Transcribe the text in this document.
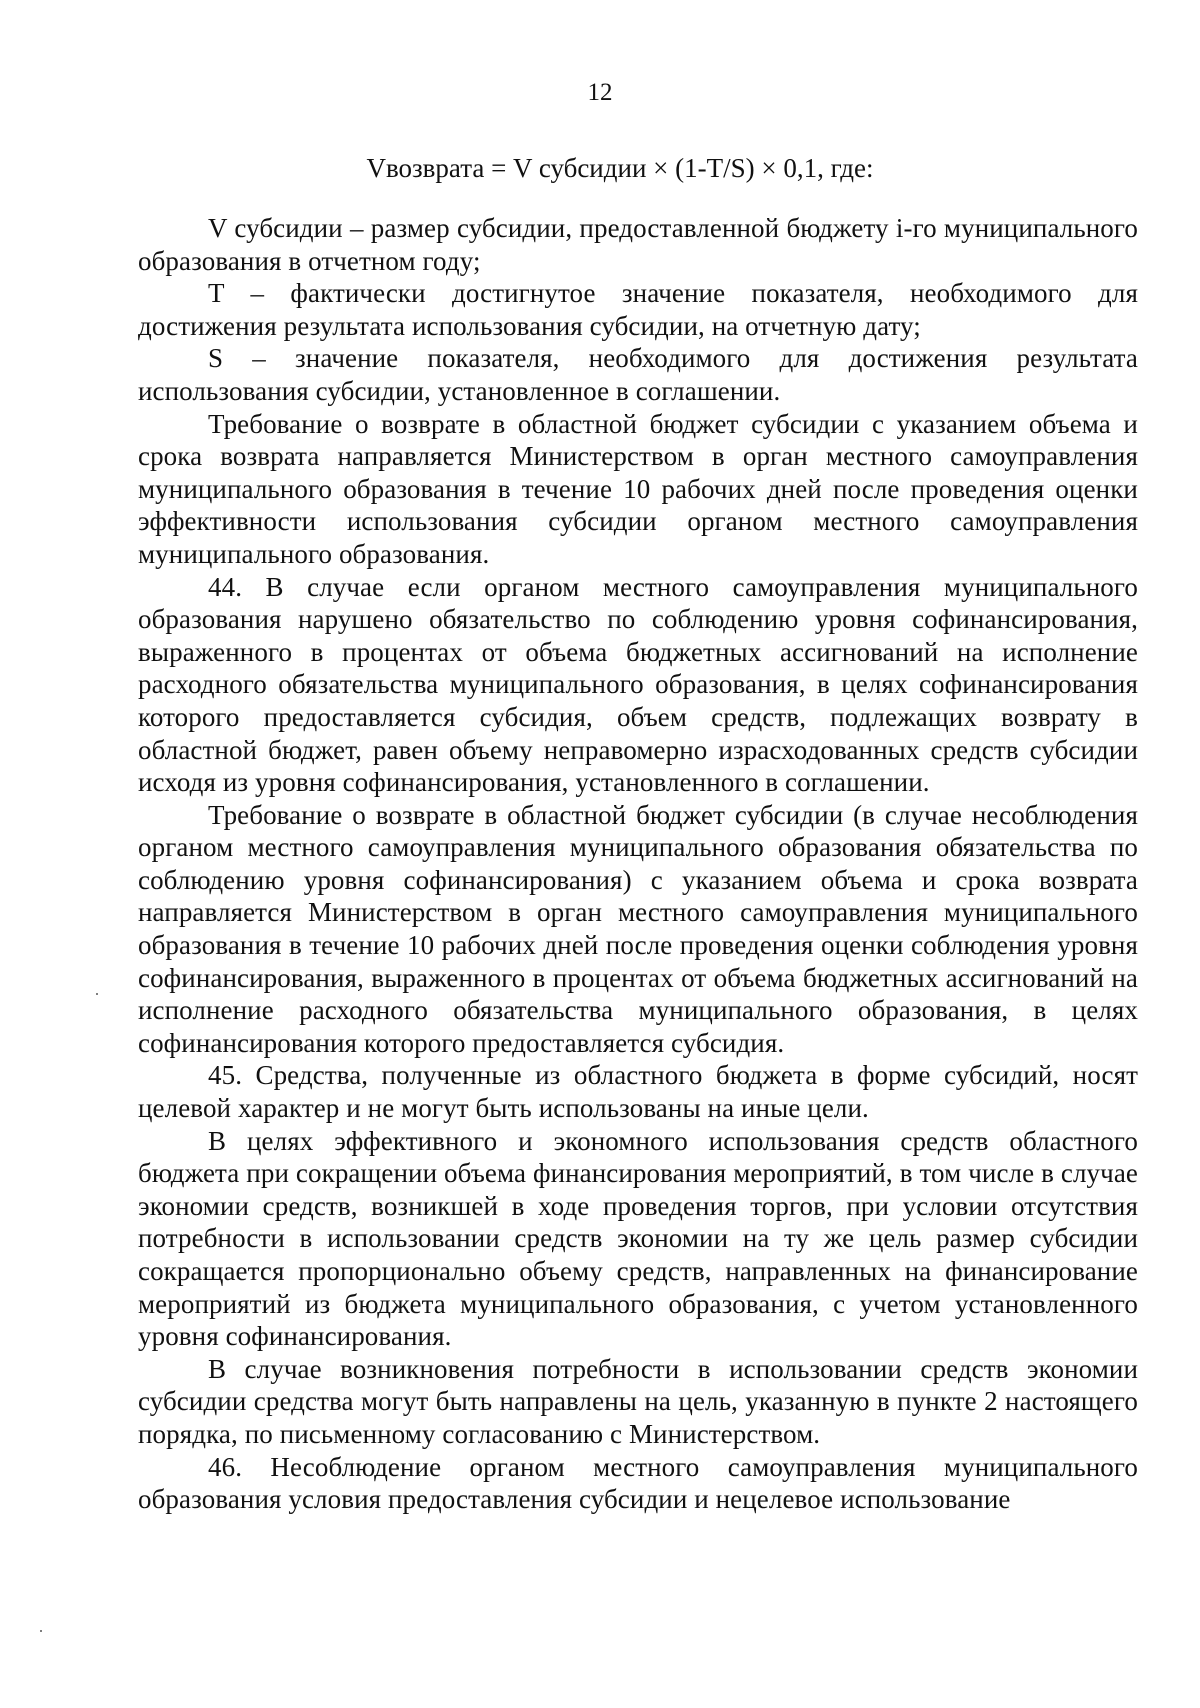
12
Vвозврата = V субсидии × (1-T/S) × 0,1, где:

V субсидии – размер субсидии, предоставленной бюджету i-го муниципального образования в отчетном году;

T – фактически достигнутое значение показателя, необходимого для достижения результата использования субсидии, на отчетную дату;

S – значение показателя, необходимого для достижения результата использования субсидии, установленное в соглашении.

Требование о возврате в областной бюджет субсидии с указанием объема и срока возврата направляется Министерством в орган местного самоуправления муниципального образования в течение 10 рабочих дней после проведения оценки эффективности использования субсидии органом местного самоуправления муниципального образования.

44. В случае если органом местного самоуправления муниципального образования нарушено обязательство по соблюдению уровня софинансирования, выраженного в процентах от объема бюджетных ассигнований на исполнение расходного обязательства муниципального образования, в целях софинансирования которого предоставляется субсидия, объем средств, подлежащих возврату в областной бюджет, равен объему неправомерно израсходованных средств субсидии исходя из уровня софинансирования, установленного в соглашении.

Требование о возврате в областной бюджет субсидии (в случае несоблюдения органом местного самоуправления муниципального образования обязательства по соблюдению уровня софинансирования) с указанием объема и срока возврата направляется Министерством в орган местного самоуправления муниципального образования в течение 10 рабочих дней после проведения оценки соблюдения уровня софинансирования, выраженного в процентах от объема бюджетных ассигнований на исполнение расходного обязательства муниципального образования, в целях софинансирования которого предоставляется субсидия.

45. Средства, полученные из областного бюджета в форме субсидий, носят целевой характер и не могут быть использованы на иные цели.

В целях эффективного и экономного использования средств областного бюджета при сокращении объема финансирования мероприятий, в том числе в случае экономии средств, возникшей в ходе проведения торгов, при условии отсутствия потребности в использовании средств экономии на ту же цель размер субсидии сокращается пропорционально объему средств, направленных на финансирование мероприятий из бюджета муниципального образования, с учетом установленного уровня софинансирования.

В случае возникновения потребности в использовании средств экономии субсидии средства могут быть направлены на цель, указанную в пункте 2 настоящего порядка, по письменному согласованию с Министерством.

46. Несоблюдение органом местного самоуправления муниципального образования условия предоставления субсидии и нецелевое использование
